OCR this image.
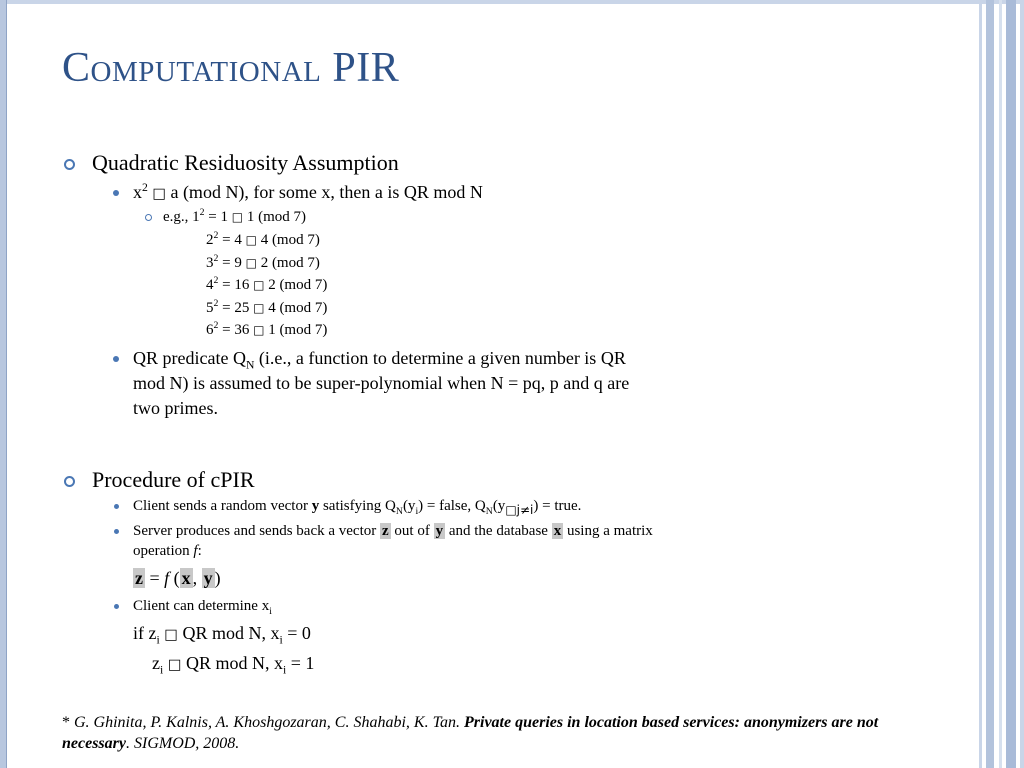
Computational PIR
Quadratic Residuosity Assumption
$x^2$ □ a (mod N), for some x, then a is QR mod N
e.g., $1^2 = 1$ □ 1 (mod 7)
$2^2 = 4$ □ 4 (mod 7)
$3^2 = 9$ □ 2 (mod 7)
$4^2 = 16$ □ 2 (mod 7)
$5^2 = 25$ □ 4 (mod 7)
$6^2 = 36$ □ 1 (mod 7)
QR predicate $Q_N$ (i.e., a function to determine a given number is QR
mod N) is assumed to be super-polynomial when N = pq, p and q are
two primes.
Procedure of cPIR
Client sends a random vector y satisfying $Q_N(y_i)$ = false, $Q_N(y_{□j\ne i})$ = true.
Server produces and sends back a vector z out of y and the database x using a matrix
operation f:
z = f ( x , y )
Client can determine $x_i$
if $z_i$ □ QR mod N, $x_i = 0$
$z_i$ □ QR mod N, $x_i = 1$
* G. Ghinita, P. Kalnis, A. Khoshgozaran, C. Shahabi, K. Tan. Private queries in location based services: anonymizers are not necessary. SIGMOD, 2008.
